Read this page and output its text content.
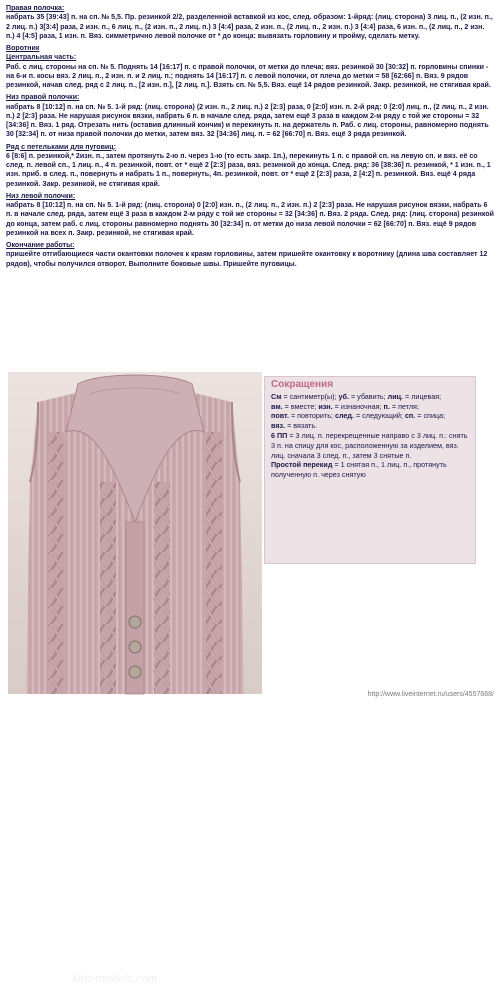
Правая полочка:
набрать 35 [39:43] п. на сп. № 5,5. Пр. резинкой 2/2, разделенной вставкой из кос, след. образом: 1-йряд: (лиц. сторона) 3 лиц. п., (2 изн. п., 2 лиц. п.) 3[3:4] раза, 2 изн. п., 6 лиц. п., (2 изн. п., 2 лиц. п.) 3 [4:4] раза, 2 изн. п., (2 лиц. п., 2 изн. п.) 3 [4:4] раза, 6 изн. п., (2 лиц. п., 2 изн. п.) 4 [4:5] раза, 1 изн. п. Вяз. симметрично левой полочке от * до конца: вывязать горловину и пройму, сделать метку.

Воротник
Центральная часть:
Раб. с лиц. стороны на сп. № 5. Поднять 14 [16:17] п. с правой полочки, от метки до плеча; вяз. резинкой 30 [30:32] п. горловины спинки - на 6-и п. косы вяз. 2 лиц. п., 2 изн. п. и 2 лиц. п.; поднять 14 [16:17] п. с левой полочки, от плеча до метки = 58 [62:66] п. Вяз. 9 рядов резинкой, начав след. ряд с 2 лиц. п., [2 изн. п.], [2 лиц. п.]. Взять сп. № 5,5. Вяз. ещё 14 рядов резинкой. Закр. резинкой, не стягивая край.

Низ правой полочки:
набрать 8 [10:12] п. на сп. № 5. 1-й ряд: (лиц. сторона) (2 изн. п., 2 лиц. п.) 2 [2:3] раза, 0 [2:0] изн. п. 2-й ряд: 0 [2:0] лиц. п., (2 лиц. п., 2 изн. п.) 2 [2:3] раза. Не нарушая рисунок вязки, набрать 6 п. в начале след. ряда, затем ещё 3 раза в каждом 2-м ряду с той же стороны = 32 [34:36] п. Вяз. 1 ряд. Отрезать нить (оставив длинный кончик) и перекинуть п. на держатель п. Раб. с лиц. стороны, равномерно поднять 30 [32:34] п. от низа правой полочки до метки, затем вяз. 32 [34:36] лиц. п. = 62 [66:70] п. Вяз. ещё 3 ряда резинкой.

Ряд с петельками для пуговиц:
6 [8:6] п. резинкой,* 2изн. п., затем протянуть 2-ю п. через 1-ю (то есть закр. 1п.), перекинуть 1 п. с правой сп. на левую сп. и вяз. её со след. п. левой сп., 1 лиц. п., 4 п. резинкой, повт. от * ещё 2 [2:3] раза, вяз. резинкой до конца. След. ряд: 36 [38:36] п. резинкой, * 1 изн. п., 1 изн. приб. в след. п., повернуть и набрать 1 п., повернуть, 4п. резинкой, повт. от * ещё 2 [2:3] раза, 2 [4:2] п. резинкой. Вяз. ещё 4 ряда резинкой. Закр. резинкой, не стягивая край.

Низ левой полочки:
набрать 8 [10:12] п. на сп. № 5. 1-й ряд: (лиц. сторона) 0 [2:0] изн. п., (2 лиц. п., 2 изн. п.) 2 [2:3] раза. Не нарушая рисунок вязки, набрать 6 п. в начале след. ряда, затем ещё 3 раза в каждом 2-м ряду с той же стороны = 32 [34:36] п. Вяз. 2 ряда. След. ряд: (лиц. сторона) резинкой до конца, затем раб. с лиц. стороны равномерно поднять 30 [32:34] п. от метки до низа левой полочки = 62 [66:70] п. Вяз. ещё 9 рядов резинкой на всех п. Закр. резинкой, не стягивая край.

Окончание работы:
пришейте отгибающиеся части окантовки полочек к краям горловины, затем пришейте окантовку к воротнику (длина шва составляет 12 рядов), чтобы получился отворот. Выполните боковые швы. Пришейте пуговицы.

knit-models.com
Сокращения

См = сантиметр(ы); уб. = убавить; лиц. = лицевая;

вм. = вместе; изн. = изнаночная; п. = петля;

повт. = повторить; след. = следующий; сп. = спица;

вяз. = вязать.

6 ПП = 3 лиц. п. перекрещенные направо с 3 лиц. п.: снять 3 п. на спицу для кос, расположенную за изделием, вяз. лиц. сначала 3 след. п., затем 3 снятые п.

Простой перекид = 1 снятая п., 1 лиц. п., протянуть полученную п. через снятую

http://www.liveinternet.ru/users/4557668/
